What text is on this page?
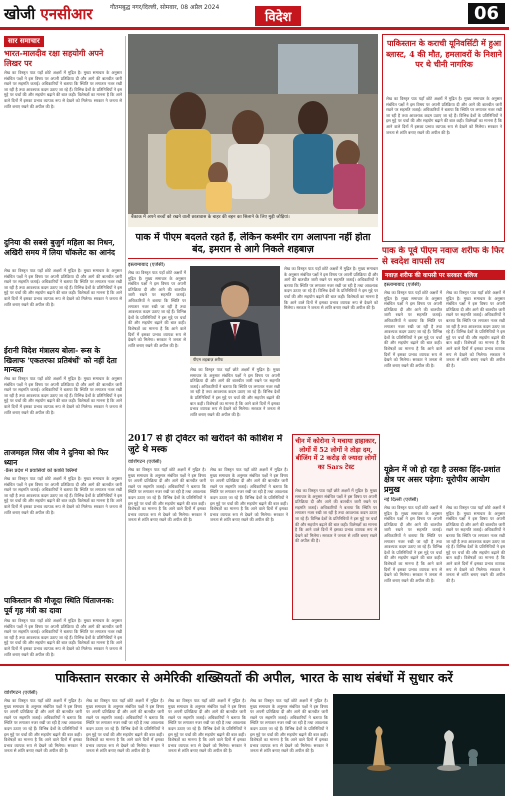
खोजी एनसीआर	गौतमबुद्ध नगर/दिल्ली, सोमवार, 08 अप्रैल 2024
विदेश	06
सार समाचार
भारत-मालदीव रक्षा सहयोगी अपने लिखर पर
लेख का विस्तृत पाठ यहाँ छोटे अक्षरों में मुद्रित है। मुख्य समाचार के अनुसार संबंधित पक्षों ने इस विषय पर अपनी प्रतिक्रिया दी और आगे की बातचीत जारी रखने पर सहमति जताई। अधिकारियों ने बताया कि स्थिति पर लगातार नजर रखी जा रही है तथा आवश्यक कदम उठाए जा रहे हैं। विभिन्न देशों के प्रतिनिधियों ने इस मुद्दे पर चर्चा की और सहयोग बढ़ाने की बात कही। विशेषज्ञों का मानना है कि आने वाले दिनों में इसका प्रभाव व्यापक रूप से देखने को मिलेगा। सरकार ने जनता से शांति बनाए रखने की अपील की है।
दुनिया की सबसे बुजुर्ग महिला का निधन, अखिरी समय में लिया चॉकलेट का आनंद
लेख का विस्तृत पाठ यहाँ छोटे अक्षरों में मुद्रित है। मुख्य समाचार के अनुसार संबंधित पक्षों ने इस विषय पर अपनी प्रतिक्रिया दी और आगे की बातचीत जारी रखने पर सहमति जताई। अधिकारियों ने बताया कि स्थिति पर लगातार नजर रखी जा रही है तथा आवश्यक कदम उठाए जा रहे हैं। विभिन्न देशों के प्रतिनिधियों ने इस मुद्दे पर चर्चा की और सहयोग बढ़ाने की बात कही। विशेषज्ञों का मानना है कि आने वाले दिनों में इसका प्रभाव व्यापक रूप से देखने को मिलेगा। सरकार ने जनता से शांति बनाए रखने की अपील की है।
ईरानी विदेश मंत्रालय बोला- रूस के खिलाफ 'एकतरफा प्रतिबंधों' को नहीं देता मान्यता
लेख का विस्तृत पाठ यहाँ छोटे अक्षरों में मुद्रित है। मुख्य समाचार के अनुसार संबंधित पक्षों ने इस विषय पर अपनी प्रतिक्रिया दी और आगे की बातचीत जारी रखने पर सहमति जताई। अधिकारियों ने बताया कि स्थिति पर लगातार नजर रखी जा रही है तथा आवश्यक कदम उठाए जा रहे हैं। विभिन्न देशों के प्रतिनिधियों ने इस मुद्दे पर चर्चा की और सहयोग बढ़ाने की बात कही। विशेषज्ञों का मानना है कि आने वाले दिनों में इसका प्रभाव व्यापक रूप से देखने को मिलेगा। सरकार ने जनता से शांति बनाए रखने की अपील की है।
ताजमहल जिस जीव ने दुनिया को फिर ध्यान
-फ्रैंस प्रदेश में प्रवासियों को काफ़ी क्लिर्मा
लेख का विस्तृत पाठ यहाँ छोटे अक्षरों में मुद्रित है। मुख्य समाचार के अनुसार संबंधित पक्षों ने इस विषय पर अपनी प्रतिक्रिया दी और आगे की बातचीत जारी रखने पर सहमति जताई। अधिकारियों ने बताया कि स्थिति पर लगातार नजर रखी जा रही है तथा आवश्यक कदम उठाए जा रहे हैं। विभिन्न देशों के प्रतिनिधियों ने इस मुद्दे पर चर्चा की और सहयोग बढ़ाने की बात कही। विशेषज्ञों का मानना है कि आने वाले दिनों में इसका प्रभाव व्यापक रूप से देखने को मिलेगा। सरकार ने जनता से शांति बनाए रखने की अपील की है।
पाकिस्तान की मौजूदा स्थिति चिंताजनक: पूर्व गृह मंत्री का दावा
लेख का विस्तृत पाठ यहाँ छोटे अक्षरों में मुद्रित है। मुख्य समाचार के अनुसार संबंधित पक्षों ने इस विषय पर अपनी प्रतिक्रिया दी और आगे की बातचीत जारी रखने पर सहमति जताई। अधिकारियों ने बताया कि स्थिति पर लगातार नजर रखी जा रही है तथा आवश्यक कदम उठाए जा रहे हैं। विभिन्न देशों के प्रतिनिधियों ने इस मुद्दे पर चर्चा की और सहयोग बढ़ाने की बात कही। विशेषज्ञों का मानना है कि आने वाले दिनों में इसका प्रभाव व्यापक रूप से देखने को मिलेगा। सरकार ने जनता से शांति बनाए रखने की अपील की है।
बैंकाक में अपने बच्चों को रखने वाली छात्रावास के बाहर की बहन का सिलाने के लिए मुड़ी जोड़ियां।
पाकिस्तान के कराची यूनिवर्सिटी में हुआ ब्लास्ट, 4 की मौत, हमलावरों के निशाने पर थे चीनी नागरिक
लेख का विस्तृत पाठ यहाँ छोटे अक्षरों में मुद्रित है। मुख्य समाचार के अनुसार संबंधित पक्षों ने इस विषय पर अपनी प्रतिक्रिया दी और आगे की बातचीत जारी रखने पर सहमति जताई। अधिकारियों ने बताया कि स्थिति पर लगातार नजर रखी जा रही है तथा आवश्यक कदम उठाए जा रहे हैं। विभिन्न देशों के प्रतिनिधियों ने इस मुद्दे पर चर्चा की और सहयोग बढ़ाने की बात कही। विशेषज्ञों का मानना है कि आने वाले दिनों में इसका प्रभाव व्यापक रूप से देखने को मिलेगा। सरकार ने जनता से शांति बनाए रखने की अपील की है।
पाक में पीएम बदलते रहते हैं, लेकिन कश्मीर राग अलापना नहीं होता बंद, इमरान से आगे निकले शहबाज़
इस्लामाबाद (एजेंसी)
लेख का विस्तृत पाठ यहाँ छोटे अक्षरों में मुद्रित है। मुख्य समाचार के अनुसार संबंधित पक्षों ने इस विषय पर अपनी प्रतिक्रिया दी और आगे की बातचीत जारी रखने पर सहमति जताई। अधिकारियों ने बताया कि स्थिति पर लगातार नजर रखी जा रही है तथा आवश्यक कदम उठाए जा रहे हैं। विभिन्न देशों के प्रतिनिधियों ने इस मुद्दे पर चर्चा की और सहयोग बढ़ाने की बात कही। विशेषज्ञों का मानना है कि आने वाले दिनों में इसका प्रभाव व्यापक रूप से देखने को मिलेगा। सरकार ने जनता से शांति बनाए रखने की अपील की है।
पीएम शहबाज़ शरीफ
लेख का विस्तृत पाठ यहाँ छोटे अक्षरों में मुद्रित है। मुख्य समाचार के अनुसार संबंधित पक्षों ने इस विषय पर अपनी प्रतिक्रिया दी और आगे की बातचीत जारी रखने पर सहमति जताई। अधिकारियों ने बताया कि स्थिति पर लगातार नजर रखी जा रही है तथा आवश्यक कदम उठाए जा रहे हैं। विभिन्न देशों के प्रतिनिधियों ने इस मुद्दे पर चर्चा की और सहयोग बढ़ाने की बात कही। विशेषज्ञों का मानना है कि आने वाले दिनों में इसका प्रभाव व्यापक रूप से देखने को मिलेगा। सरकार ने जनता से शांति बनाए रखने की अपील की है।
लेख का विस्तृत पाठ यहाँ छोटे अक्षरों में मुद्रित है। मुख्य समाचार के अनुसार संबंधित पक्षों ने इस विषय पर अपनी प्रतिक्रिया दी और आगे की बातचीत जारी रखने पर सहमति जताई। अधिकारियों ने बताया कि स्थिति पर लगातार नजर रखी जा रही है तथा आवश्यक कदम उठाए जा रहे हैं। विभिन्न देशों के प्रतिनिधियों ने इस मुद्दे पर चर्चा की और सहयोग बढ़ाने की बात कही। विशेषज्ञों का मानना है कि आने वाले दिनों में इसका प्रभाव व्यापक रूप से देखने को मिलेगा। सरकार ने जनता से शांति बनाए रखने की अपील की है।
पाक के पूर्व पीएम नवाज शरीफ के फिर से स्वदेश वापसी तय
नवाज़ शरीफ की वापसी पर सरकार बलिज
इस्लामाबाद (एजेंसी)
लेख का विस्तृत पाठ यहाँ छोटे अक्षरों में मुद्रित है। मुख्य समाचार के अनुसार संबंधित पक्षों ने इस विषय पर अपनी प्रतिक्रिया दी और आगे की बातचीत जारी रखने पर सहमति जताई। अधिकारियों ने बताया कि स्थिति पर लगातार नजर रखी जा रही है तथा आवश्यक कदम उठाए जा रहे हैं। विभिन्न देशों के प्रतिनिधियों ने इस मुद्दे पर चर्चा की और सहयोग बढ़ाने की बात कही। विशेषज्ञों का मानना है कि आने वाले दिनों में इसका प्रभाव व्यापक रूप से देखने को मिलेगा। सरकार ने जनता से शांति बनाए रखने की अपील की है।
लेख का विस्तृत पाठ यहाँ छोटे अक्षरों में मुद्रित है। मुख्य समाचार के अनुसार संबंधित पक्षों ने इस विषय पर अपनी प्रतिक्रिया दी और आगे की बातचीत जारी रखने पर सहमति जताई। अधिकारियों ने बताया कि स्थिति पर लगातार नजर रखी जा रही है तथा आवश्यक कदम उठाए जा रहे हैं। विभिन्न देशों के प्रतिनिधियों ने इस मुद्दे पर चर्चा की और सहयोग बढ़ाने की बात कही। विशेषज्ञों का मानना है कि आने वाले दिनों में इसका प्रभाव व्यापक रूप से देखने को मिलेगा। सरकार ने जनता से शांति बनाए रखने की अपील की है।
2017 से ही ट्विटर को खरीदने की कोशिश में जुटे थे मस्क
वाशिंगटन (एजेंसी)
लेख का विस्तृत पाठ यहाँ छोटे अक्षरों में मुद्रित है। मुख्य समाचार के अनुसार संबंधित पक्षों ने इस विषय पर अपनी प्रतिक्रिया दी और आगे की बातचीत जारी रखने पर सहमति जताई। अधिकारियों ने बताया कि स्थिति पर लगातार नजर रखी जा रही है तथा आवश्यक कदम उठाए जा रहे हैं। विभिन्न देशों के प्रतिनिधियों ने इस मुद्दे पर चर्चा की और सहयोग बढ़ाने की बात कही। विशेषज्ञों का मानना है कि आने वाले दिनों में इसका प्रभाव व्यापक रूप से देखने को मिलेगा। सरकार ने जनता से शांति बनाए रखने की अपील की है।
लेख का विस्तृत पाठ यहाँ छोटे अक्षरों में मुद्रित है। मुख्य समाचार के अनुसार संबंधित पक्षों ने इस विषय पर अपनी प्रतिक्रिया दी और आगे की बातचीत जारी रखने पर सहमति जताई। अधिकारियों ने बताया कि स्थिति पर लगातार नजर रखी जा रही है तथा आवश्यक कदम उठाए जा रहे हैं। विभिन्न देशों के प्रतिनिधियों ने इस मुद्दे पर चर्चा की और सहयोग बढ़ाने की बात कही। विशेषज्ञों का मानना है कि आने वाले दिनों में इसका प्रभाव व्यापक रूप से देखने को मिलेगा। सरकार ने जनता से शांति बनाए रखने की अपील की है।
चीन में कोरोना ने मचाया हाहाकार, लोगों में 52 लोगों ने तोड़ा दम, बीजिंग में 2 करोड़ से ज्यादा लोगों का Sars टेस्ट
लेख का विस्तृत पाठ यहाँ छोटे अक्षरों में मुद्रित है। मुख्य समाचार के अनुसार संबंधित पक्षों ने इस विषय पर अपनी प्रतिक्रिया दी और आगे की बातचीत जारी रखने पर सहमति जताई। अधिकारियों ने बताया कि स्थिति पर लगातार नजर रखी जा रही है तथा आवश्यक कदम उठाए जा रहे हैं। विभिन्न देशों के प्रतिनिधियों ने इस मुद्दे पर चर्चा की और सहयोग बढ़ाने की बात कही। विशेषज्ञों का मानना है कि आने वाले दिनों में इसका प्रभाव व्यापक रूप से देखने को मिलेगा। सरकार ने जनता से शांति बनाए रखने की अपील की है।
यूक्रेन में जो हो रहा है उसका हिंद-प्रशांत क्षेत्र पर असर पड़ेगा: यूरोपीय आयोग प्रमुख
नई दिल्ली (एजेंसी)
लेख का विस्तृत पाठ यहाँ छोटे अक्षरों में मुद्रित है। मुख्य समाचार के अनुसार संबंधित पक्षों ने इस विषय पर अपनी प्रतिक्रिया दी और आगे की बातचीत जारी रखने पर सहमति जताई। अधिकारियों ने बताया कि स्थिति पर लगातार नजर रखी जा रही है तथा आवश्यक कदम उठाए जा रहे हैं। विभिन्न देशों के प्रतिनिधियों ने इस मुद्दे पर चर्चा की और सहयोग बढ़ाने की बात कही। विशेषज्ञों का मानना है कि आने वाले दिनों में इसका प्रभाव व्यापक रूप से देखने को मिलेगा। सरकार ने जनता से शांति बनाए रखने की अपील की है।
लेख का विस्तृत पाठ यहाँ छोटे अक्षरों में मुद्रित है। मुख्य समाचार के अनुसार संबंधित पक्षों ने इस विषय पर अपनी प्रतिक्रिया दी और आगे की बातचीत जारी रखने पर सहमति जताई। अधिकारियों ने बताया कि स्थिति पर लगातार नजर रखी जा रही है तथा आवश्यक कदम उठाए जा रहे हैं। विभिन्न देशों के प्रतिनिधियों ने इस मुद्दे पर चर्चा की और सहयोग बढ़ाने की बात कही। विशेषज्ञों का मानना है कि आने वाले दिनों में इसका प्रभाव व्यापक रूप से देखने को मिलेगा। सरकार ने जनता से शांति बनाए रखने की अपील की है।
पाकिस्तान सरकार से अमेरिकी शख्सियतों की अपील, भारत के साथ संबंधों में सुधार करें
वाशिंगटन (एजेंसी)
लेख का विस्तृत पाठ यहाँ छोटे अक्षरों में मुद्रित है। मुख्य समाचार के अनुसार संबंधित पक्षों ने इस विषय पर अपनी प्रतिक्रिया दी और आगे की बातचीत जारी रखने पर सहमति जताई। अधिकारियों ने बताया कि स्थिति पर लगातार नजर रखी जा रही है तथा आवश्यक कदम उठाए जा रहे हैं। विभिन्न देशों के प्रतिनिधियों ने इस मुद्दे पर चर्चा की और सहयोग बढ़ाने की बात कही। विशेषज्ञों का मानना है कि आने वाले दिनों में इसका प्रभाव व्यापक रूप से देखने को मिलेगा। सरकार ने जनता से शांति बनाए रखने की अपील की है।
लेख का विस्तृत पाठ यहाँ छोटे अक्षरों में मुद्रित है। मुख्य समाचार के अनुसार संबंधित पक्षों ने इस विषय पर अपनी प्रतिक्रिया दी और आगे की बातचीत जारी रखने पर सहमति जताई। अधिकारियों ने बताया कि स्थिति पर लगातार नजर रखी जा रही है तथा आवश्यक कदम उठाए जा रहे हैं। विभिन्न देशों के प्रतिनिधियों ने इस मुद्दे पर चर्चा की और सहयोग बढ़ाने की बात कही। विशेषज्ञों का मानना है कि आने वाले दिनों में इसका प्रभाव व्यापक रूप से देखने को मिलेगा। सरकार ने जनता से शांति बनाए रखने की अपील की है।
लेख का विस्तृत पाठ यहाँ छोटे अक्षरों में मुद्रित है। मुख्य समाचार के अनुसार संबंधित पक्षों ने इस विषय पर अपनी प्रतिक्रिया दी और आगे की बातचीत जारी रखने पर सहमति जताई। अधिकारियों ने बताया कि स्थिति पर लगातार नजर रखी जा रही है तथा आवश्यक कदम उठाए जा रहे हैं। विभिन्न देशों के प्रतिनिधियों ने इस मुद्दे पर चर्चा की और सहयोग बढ़ाने की बात कही। विशेषज्ञों का मानना है कि आने वाले दिनों में इसका प्रभाव व्यापक रूप से देखने को मिलेगा। सरकार ने जनता से शांति बनाए रखने की अपील की है।
लेख का विस्तृत पाठ यहाँ छोटे अक्षरों में मुद्रित है। मुख्य समाचार के अनुसार संबंधित पक्षों ने इस विषय पर अपनी प्रतिक्रिया दी और आगे की बातचीत जारी रखने पर सहमति जताई। अधिकारियों ने बताया कि स्थिति पर लगातार नजर रखी जा रही है तथा आवश्यक कदम उठाए जा रहे हैं। विभिन्न देशों के प्रतिनिधियों ने इस मुद्दे पर चर्चा की और सहयोग बढ़ाने की बात कही। विशेषज्ञों का मानना है कि आने वाले दिनों में इसका प्रभाव व्यापक रूप से देखने को मिलेगा। सरकार ने जनता से शांति बनाए रखने की अपील की है।
